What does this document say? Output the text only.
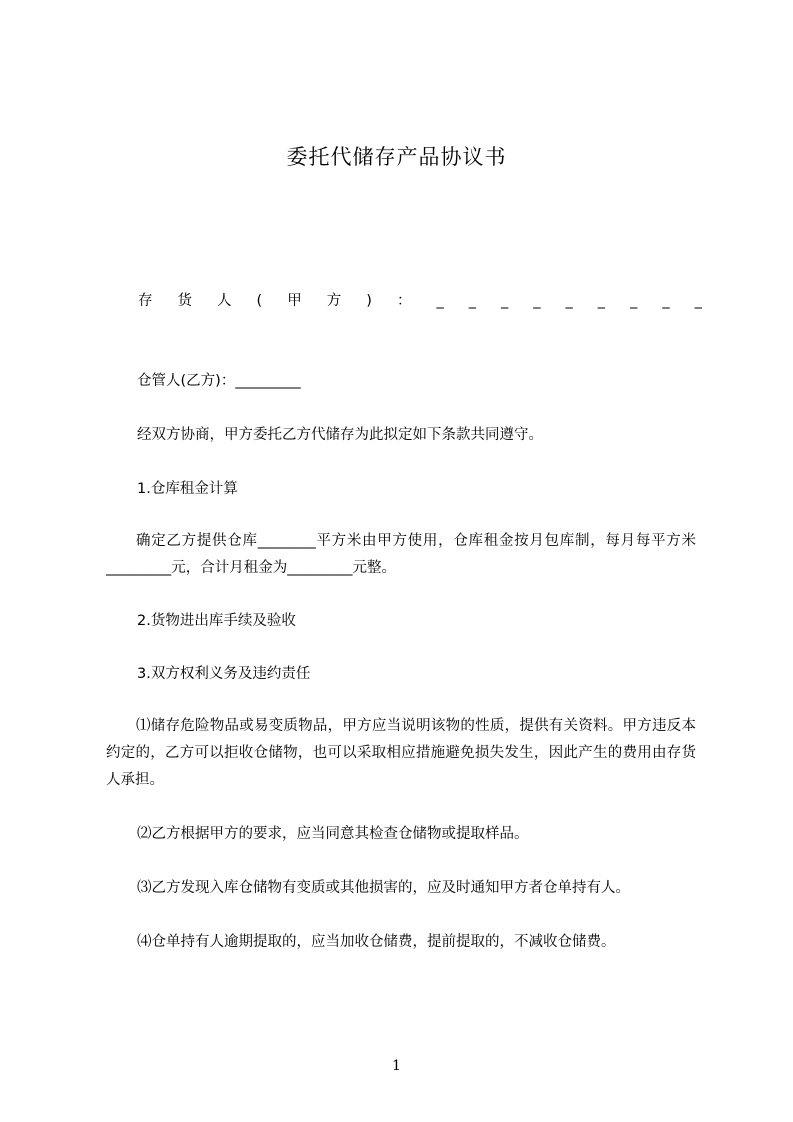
委托代储存产品协议书
存 货 人 ( 甲 方 ) ： _ _ _ _ _ _ _ _ _
仓管人(乙方)：_________
经双方协商，甲方委托乙方代储存为此拟定如下条款共同遵守。
1.仓库租金计算
确定乙方提供仓库________平方米由甲方使用，仓库租金按月包库制，每月每平方米_________元，合计月租金为_________元整。
2.货物进出库手续及验收
3.双方权利义务及违约责任
⑴储存危险物品或易变质物品，甲方应当说明该物的性质，提供有关资料。甲方违反本约定的，乙方可以拒收仓储物，也可以采取相应措施避免损失发生，因此产生的费用由存货人承担。
⑵乙方根据甲方的要求，应当同意其检查仓储物或提取样品。
⑶乙方发现入库仓储物有变质或其他损害的，应及时通知甲方者仓单持有人。
⑷仓单持有人逾期提取的，应当加收仓储费，提前提取的，不减收仓储费。
1
